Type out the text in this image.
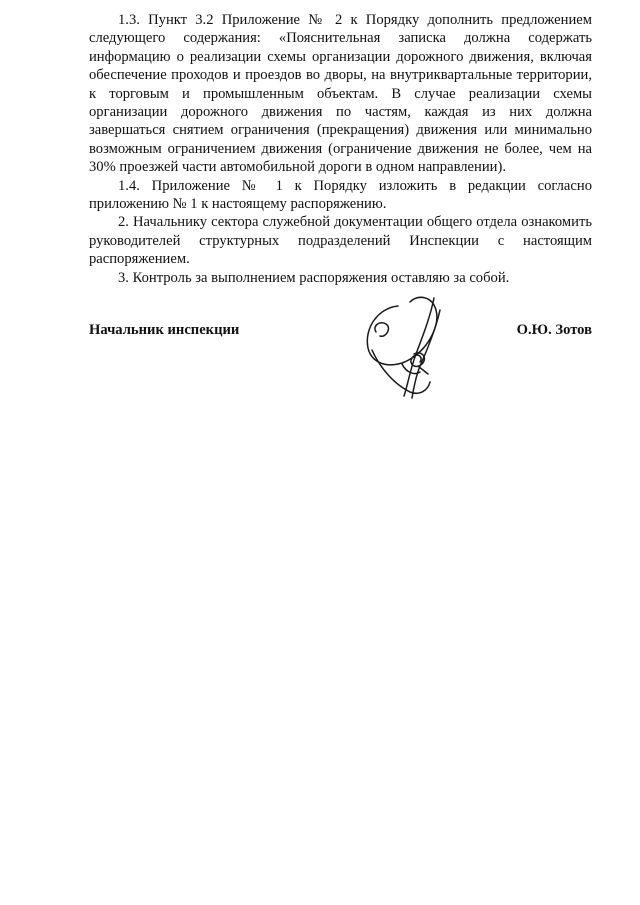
1.3. Пункт 3.2 Приложение № 2 к Порядку дополнить предложением следующего содержания: «Пояснительная записка должна содержать информацию о реализации схемы организации дорожного движения, включая обеспечение проходов и проездов во дворы, на внутриквартальные территории, к торговым и промышленным объектам. В случае реализации схемы организации дорожного движения по частям, каждая из них должна завершаться снятием ограничения (прекращения) движения или минимально возможным ограничением движения (ограничение движения не более, чем на 30% проезжей части автомобильной дороги в одном направлении).

1.4. Приложение № 1 к Порядку изложить в редакции согласно приложению № 1 к настоящему распоряжению.

2. Начальнику сектора служебной документации общего отдела ознакомить руководителей структурных подразделений Инспекции с настоящим распоряжением.

3. Контроль за выполнением распоряжения оставляю за собой.

Начальник инспекции	О.Ю. Зотов
